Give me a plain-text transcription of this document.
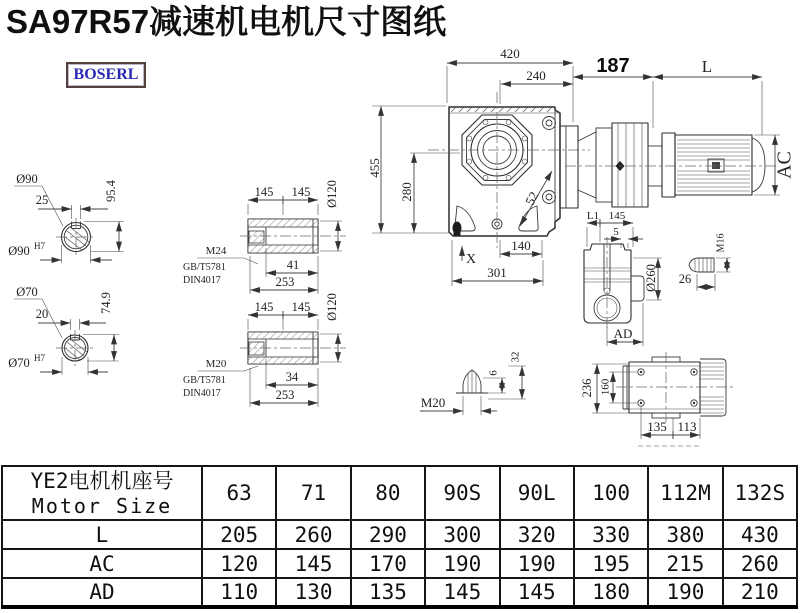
SA97R57减速机电机尺寸图纸
BOSERL
420
240
455
280	52
140
301
X
187	L
AC
Ø90
25	95.4
Ø90 H7
Ø70
20
74.9
Ø70 H7
145 145 Ø120
41
253
M24
GB/T5781
DIN4017
145 145 Ø120
34
253
M20
GB/T5781
DIN4017
L1 145
5
Ø260
AD
M16
26
M20
6
32
236 160
135 113
YE2电机机座号
Motor Size	63	71	80	90S	90L	100	112M	132S
L	205	260	290	300	320	330	380	430
AC	120	145	170	190	190	195	215	260
AD	110	130	135	145	145	180	190	210
